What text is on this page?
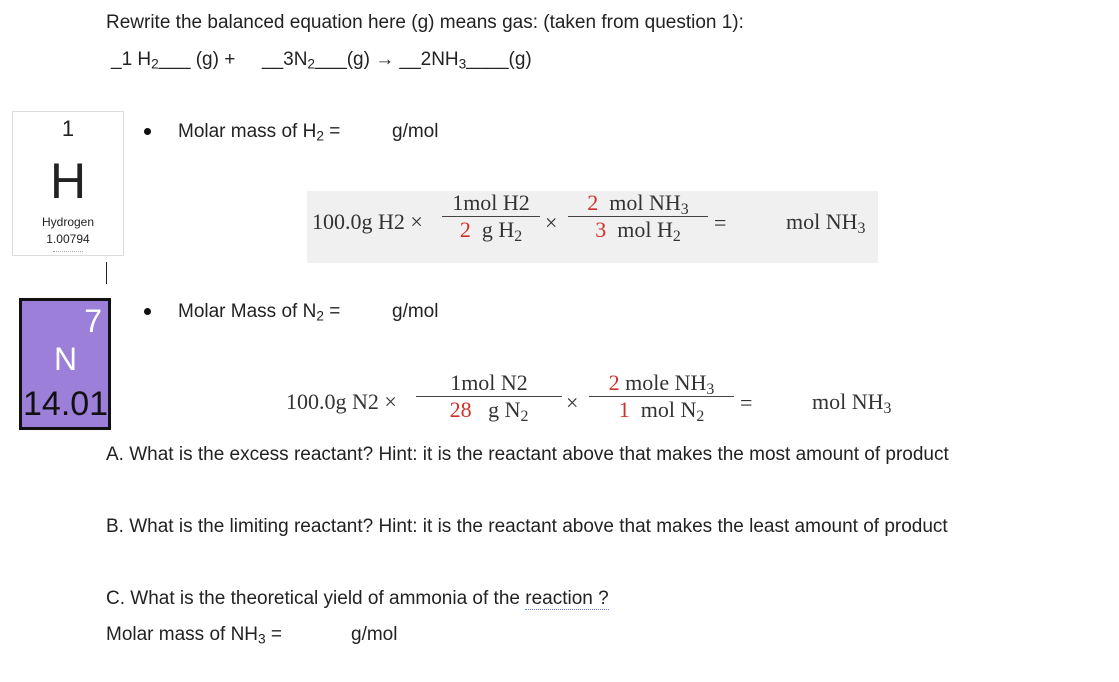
Rewrite the balanced equation here (g) means gas: (taken from question 1):
_1 $H_2\_\_\_$ $(g) + \_\_3N_2\_\_\_(g)$ → $\_\_2NH_3\_\_\_\_(g)$
1
H
Hydrogen
1.00794
7
N
14.01
Molar mass of $H_2$ =	g/mol
100.0g H2 ×
1mol H2
2 g $H_2$
×
2 mol $NH_3$
3 mol $H_2$
=	mol $NH_3$
Molar Mass of $N_2$ =	g/mol
100.0g N2 ×
1mol N2
28 g $N_2$
×
2 mole $NH_3$
1 mol $N_2$
=	mol $NH_3$
A. What is the excess reactant? Hint: it is the reactant above that makes the most amount of product
B. What is the limiting reactant? Hint: it is the reactant above that makes the least amount of product
C. What is the theoretical yield of ammonia of the reaction ?
Molar mass of $NH_3$ =	g/mol
